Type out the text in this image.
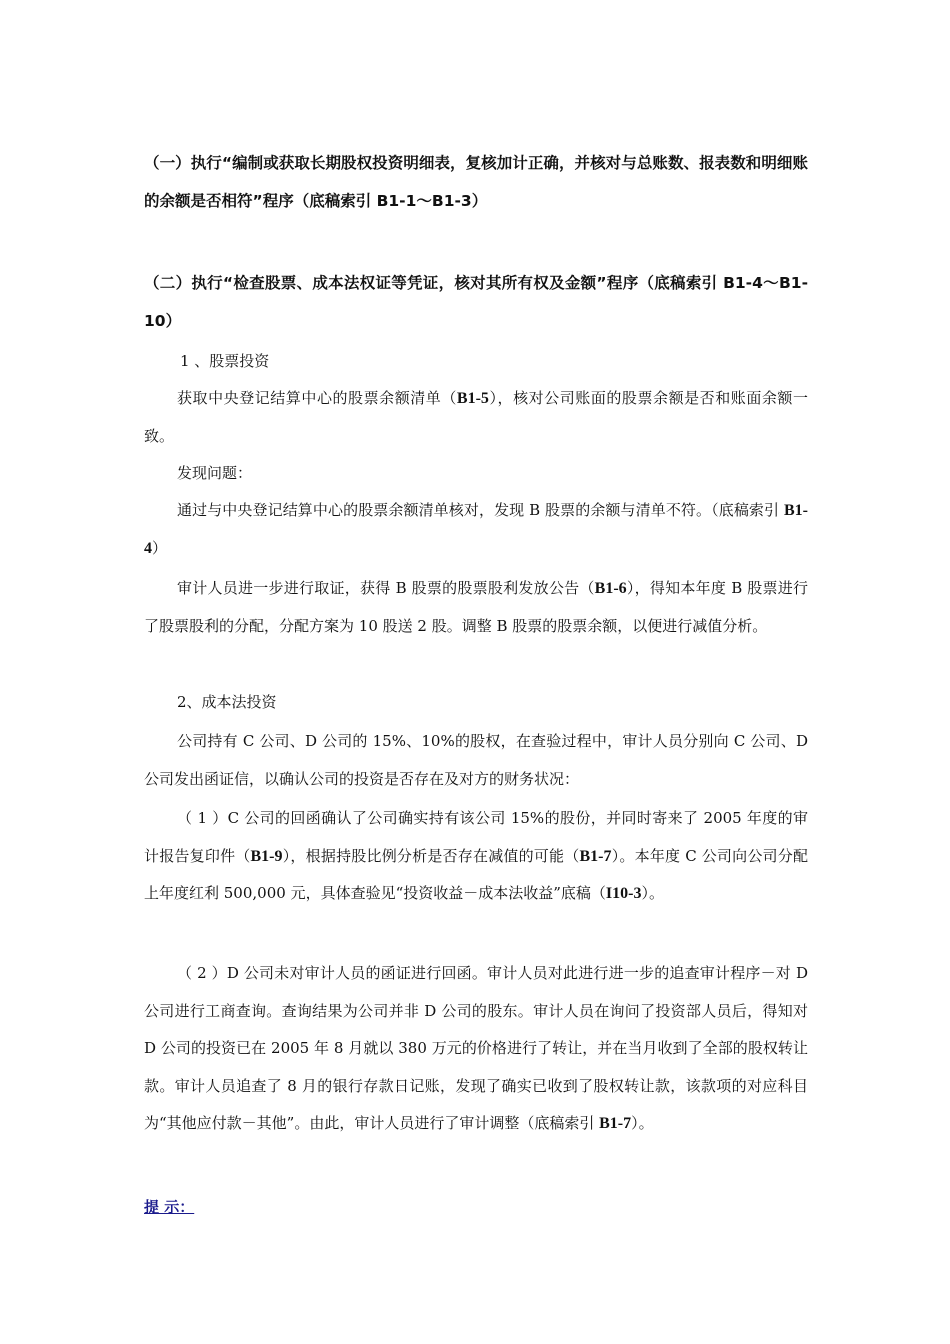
（一）执行“编制或获取长期股权投资明细表，复核加计正确，并核对与总账数、报表数和明细账的余额是否相符”程序（底稿索引 B1-1～B1-3）

（二）执行“检查股票、成本法权证等凭证，核对其所有权及金额”程序（底稿索引 B1-4～B1-10）

1 、股票投资

获取中央登记结算中心的股票余额清单（B1-5），核对公司账面的股票余额是否和账面余额一致。

发现问题：

通过与中央登记结算中心的股票余额清单核对，发现 B 股票的余额与清单不符。（底稿索引 B1-4）

审计人员进一步进行取证，获得 B 股票的股票股利发放公告（B1-6），得知本年度 B 股票进行了股票股利的分配，分配方案为 10 股送 2 股。调整 B 股票的股票余额，以便进行减值分析。

2、成本法投资

公司持有 C 公司、D 公司的 15%、10%的股权，在查验过程中，审计人员分别向 C 公司、D 公司发出函证信，以确认公司的投资是否存在及对方的财务状况：

（ 1 ）C 公司的回函确认了公司确实持有该公司 15%的股份，并同时寄来了 2005 年度的审计报告复印件（B1-9），根据持股比例分析是否存在减值的可能（B1-7）。本年度 C 公司向公司分配上年度红利 500,000 元，具体查验见“投资收益－成本法收益”底稿（I10-3）。

（ 2 ）D 公司未对审计人员的函证进行回函。审计人员对此进行进一步的追查审计程序－对 D 公司进行工商查询。查询结果为公司并非 D 公司的股东。审计人员在询问了投资部人员后，得知对 D 公司的投资已在 2005 年 8 月就以 380 万元的价格进行了转让，并在当月收到了全部的股权转让款。审计人员追查了 8 月的银行存款日记账，发现了确实已收到了股权转让款，该款项的对应科目为“其他应付款－其他”。由此，审计人员进行了审计调整（底稿索引 B1-7）。

提 示：
